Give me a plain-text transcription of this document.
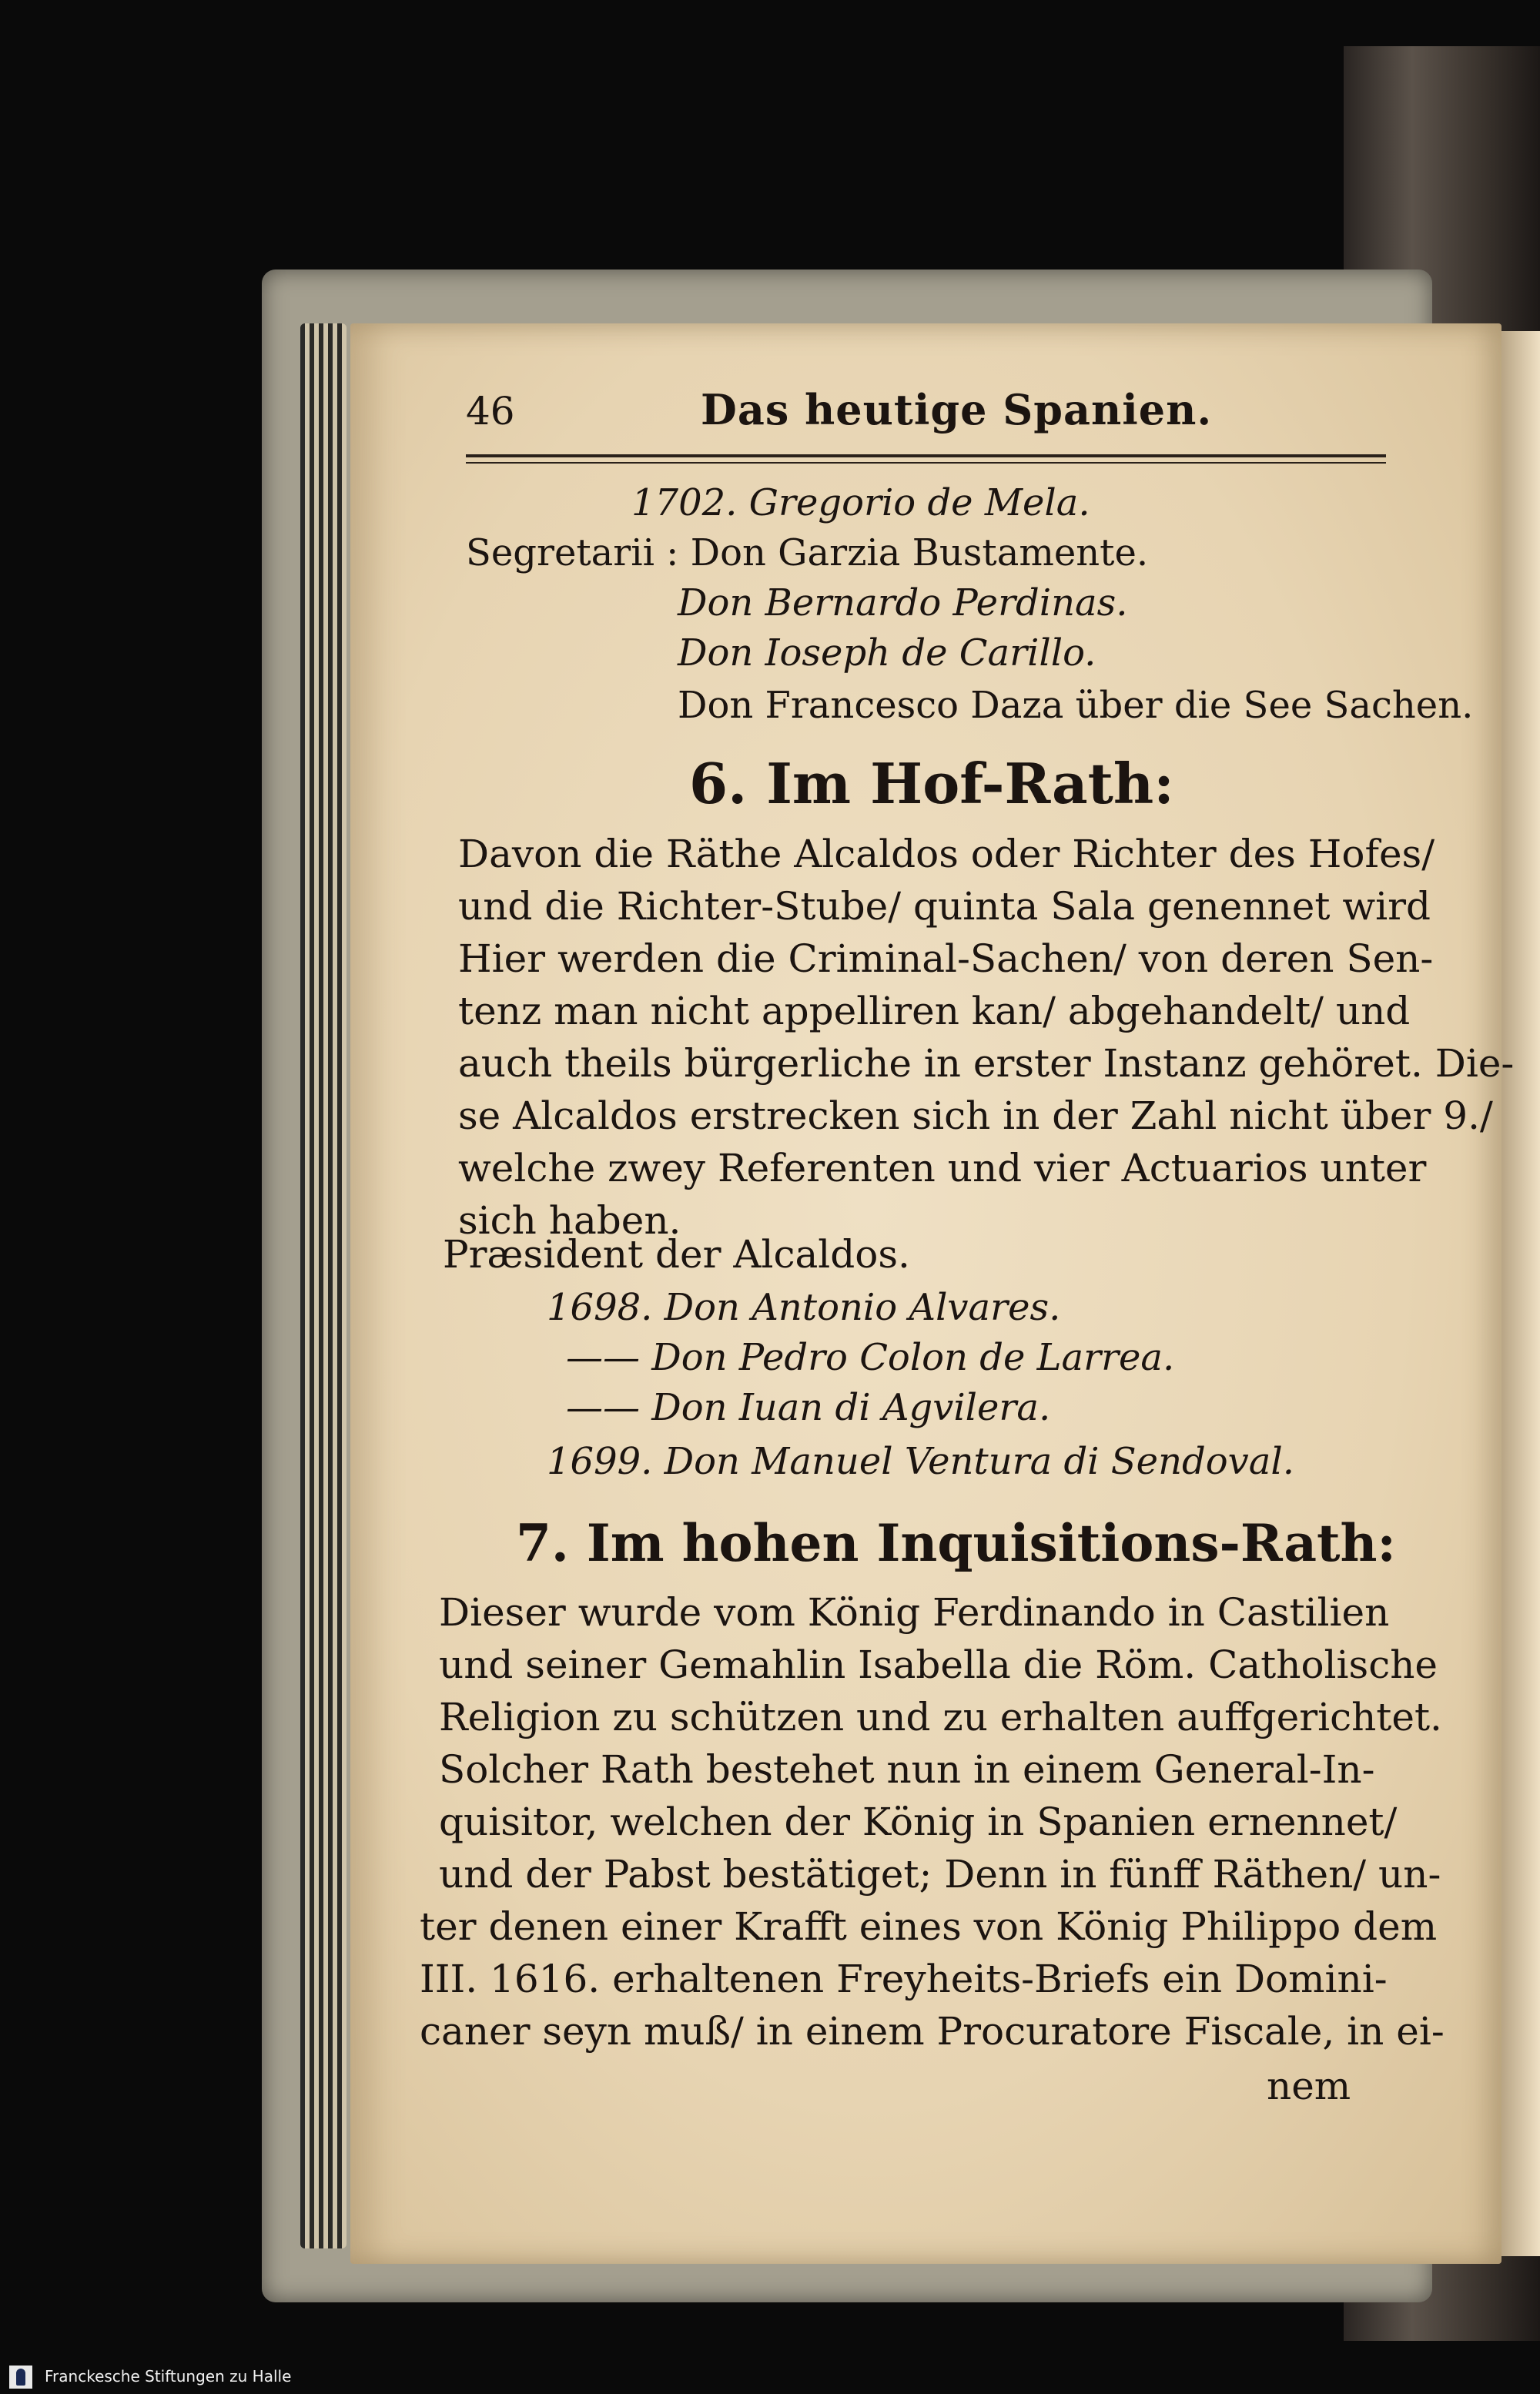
46	Das heutige Spanien.
1702. Gregorio de Mela.
Segretarii : Don Garzia Bustamente.
Don Bernardo Perdinas.
Don Ioseph de Carillo.
Don Francesco Daza über die See Sachen.
6. Im Hof-Rath:
Davon die Räthe Alcaldos oder Richter des Hofes/
und die Richter-Stube/ quinta Sala genennet wird
Hier werden die Criminal-Sachen/ von deren Sen-
tenz man nicht appelliren kan/ abgehandelt/ und
auch theils bürgerliche in erster Instanz gehöret. Die-
se Alcaldos erstrecken sich in der Zahl nicht über 9./
welche zwey Referenten und vier Actuarios unter
sich haben.
Præsident der Alcaldos.
1698. Don Antonio Alvares.
—— Don Pedro Colon de Larrea.
—— Don Iuan di Agvilera.
1699. Don Manuel Ventura di Sendoval.
7. Im hohen Inquisitions-Rath:
Dieser wurde vom König Ferdinando in Castilien
und seiner Gemahlin Isabella die Röm. Catholische
Religion zu schützen und zu erhalten auffgerichtet.
Solcher Rath bestehet nun in einem General-In-
quisitor, welchen der König in Spanien ernennet/
und der Pabst bestätiget; Denn in fünff Räthen/ un-
ter denen einer Krafft eines von König Philippo dem
III. 1616. erhaltenen Freyheits-Briefs ein Domini-
caner seyn muß/ in einem Procuratore Fiscale, in ei-
nem
Franckesche Stiftungen zu Halle
